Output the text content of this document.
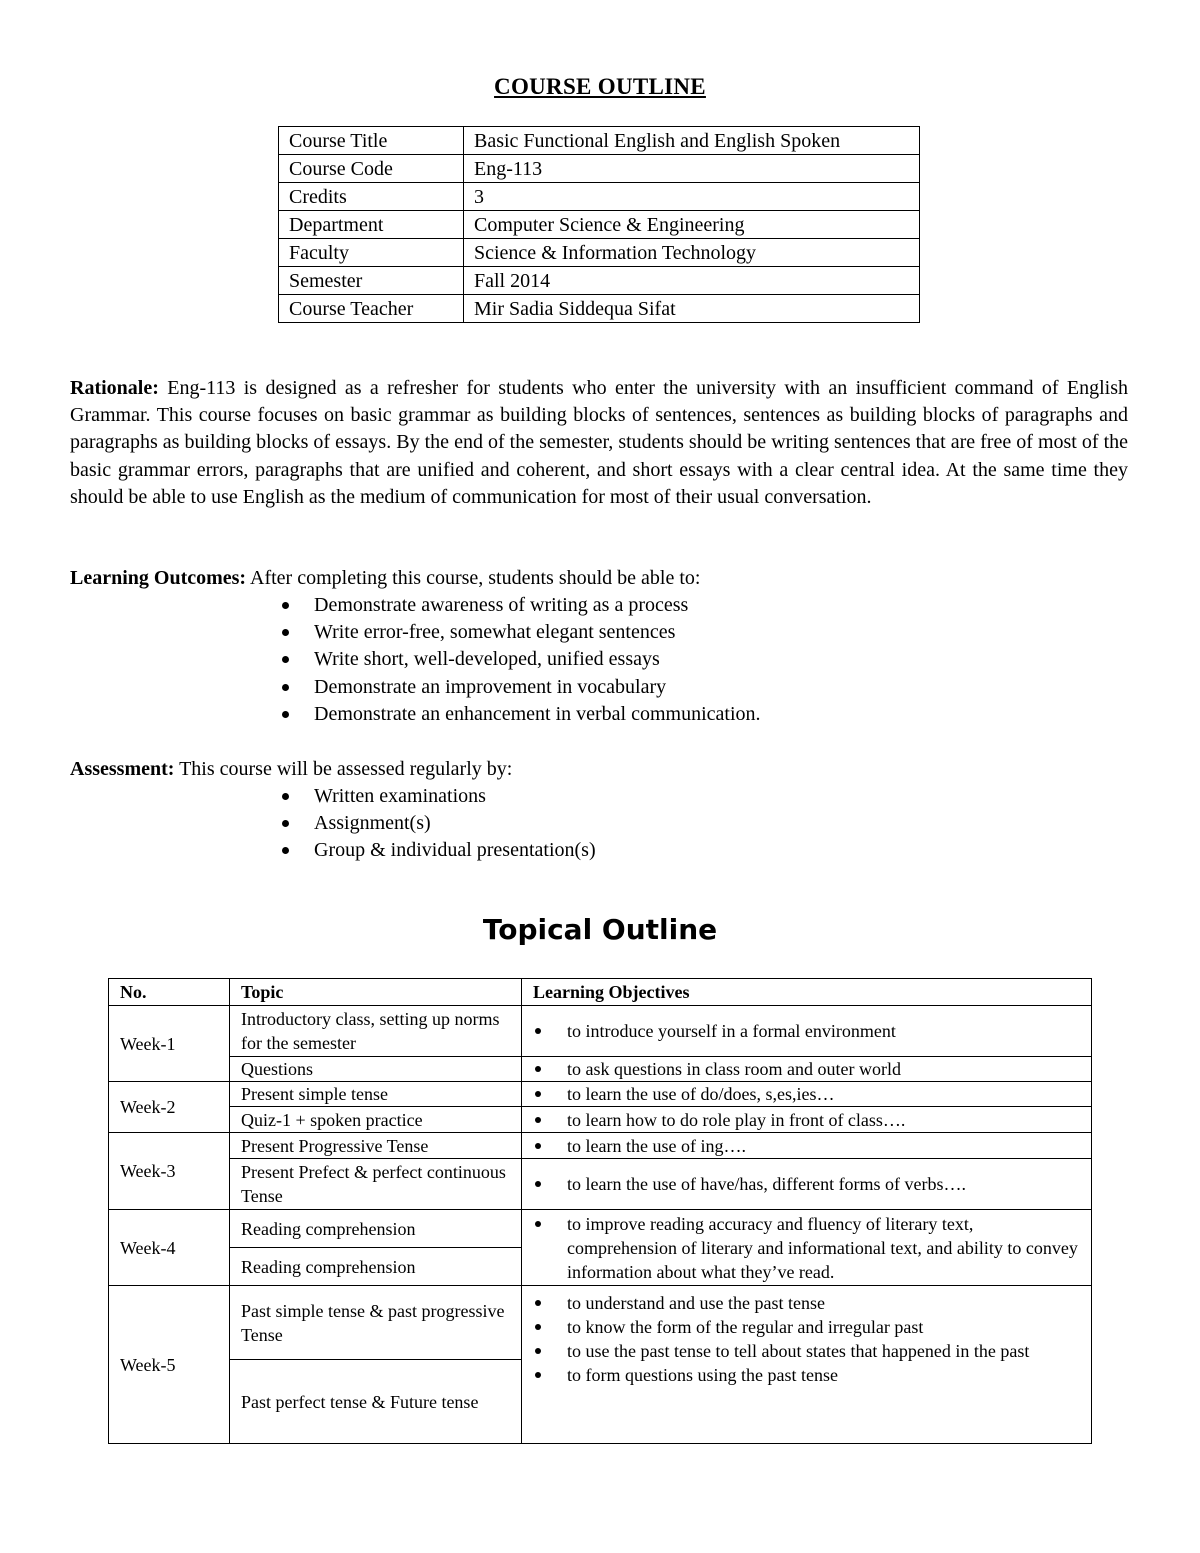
COURSE OUTLINE
Course Title	Basic Functional English and English Spoken
Course Code	Eng-113
Credits	3
Department	Computer Science & Engineering
Faculty	Science & Information Technology
Semester	Fall 2014
Course Teacher	Mir Sadia Siddequa Sifat
Rationale: Eng-113 is designed as a refresher for students who enter the university with an insufficient command of English Grammar. This course focuses on basic grammar as building blocks of sentences, sentences as building blocks of paragraphs and paragraphs as building blocks of essays. By the end of the semester, students should be writing sentences that are free of most of the basic grammar errors, paragraphs that are unified and coherent, and short essays with a clear central idea. At the same time they should be able to use English as the medium of communication for most of their usual conversation.
Learning Outcomes: After completing this course, students should be able to:
Demonstrate awareness of writing as a process
Write error-free, somewhat elegant sentences
Write short, well-developed, unified essays
Demonstrate an improvement in vocabulary
Demonstrate an enhancement in verbal communication.
Assessment: This course will be assessed regularly by:
Written examinations
Assignment(s)
Group & individual presentation(s)
Topical Outline
No.	Topic	Learning Objectives
Week-1	Introductory class, setting up norms for the semester	to introduce yourself in a formal environment

	Questions	to ask questions in class room and outer world

Week-2	Present simple tense	to learn the use of do/does, s,es,ies…

	Quiz-1 + spoken practice	to learn how to do role play in front of class….

Week-3	Present Progressive Tense	to learn the use of ing….

	Present Prefect & perfect continuous Tense	to learn the use of have/has, different forms of verbs….

Week-4	Reading comprehension	to improve reading accuracy and fluency of literary text, comprehension of literary and informational text, and ability to convey information about what they’ve read.

	Reading comprehension	
Week-5	Past simple tense & past progressive Tense	to understand and use the past tense
to know the form of the regular and irregular past
to use the past tense to tell about states that happened in the past
to form questions using the past tense

	Past perfect tense & Future tense	
